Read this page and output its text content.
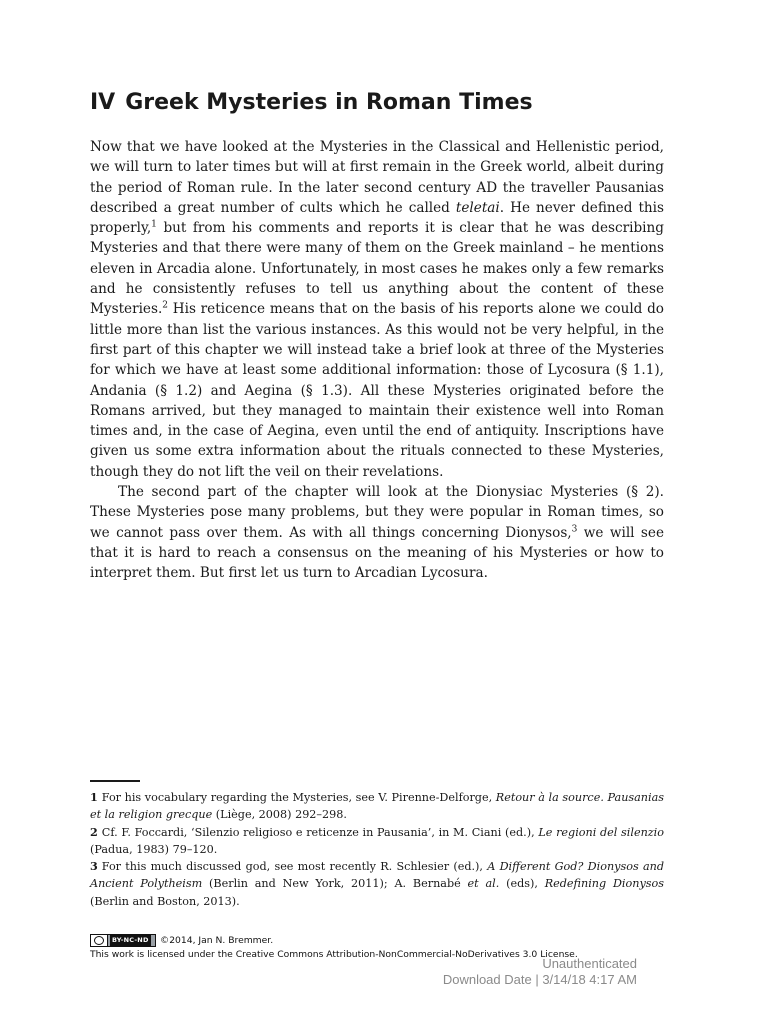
IV Greek Mysteries in Roman Times

Now that we have looked at the Mysteries in the Classical and Hellenistic period, we will turn to later times but will at first remain in the Greek world, albeit during the period of Roman rule. In the later second century AD the traveller Pausanias described a great number of cults which he called teletai. He never defined this properly,$^1$ but from his comments and reports it is clear that he was describing Mysteries and that there were many of them on the Greek mainland – he mentions eleven in Arcadia alone. Unfortunately, in most cases he makes only a few remarks and he consistently refuses to tell us anything about the content of these Mysteries.$^2$ His reticence means that on the basis of his reports alone we could do little more than list the various instances. As this would not be very helpful, in the first part of this chapter we will instead take a brief look at three of the Mysteries for which we have at least some additional information: those of Lycosura (§ 1.1), Andania (§ 1.2) and Aegina (§ 1.3). All these Mysteries originated before the Romans arrived, but they managed to maintain their existence well into Roman times and, in the case of Aegina, even until the end of antiquity. Inscriptions have given us some extra information about the rituals connected to these Mysteries, though they do not lift the veil on their revelations.

The second part of the chapter will look at the Dionysiac Mysteries (§ 2). These Mysteries pose many problems, but they were popular in Roman times, so we cannot pass over them. As with all things concerning Dionysos,$^3$ we will see that it is hard to reach a consensus on the meaning of his Mysteries or how to interpret them. But first let us turn to Arcadian Lycosura.

1 For his vocabulary regarding the Mysteries, see V. Pirenne-Delforge, Retour à la source. Pausanias et la religion grecque (Liège, 2008) 292–298.

2 Cf. F. Foccardi, ‘Silenzio religioso e reticenze in Pausania’, in M. Ciani (ed.), Le regioni del silenzio (Padua, 1983) 79–120.

3 For this much discussed god, see most recently R. Schlesier (ed.), A Different God? Dionysos and Ancient Polytheism (Berlin and New York, 2011); A. Bernabé et al. (eds), Redefining Dionysos (Berlin and Boston, 2013).

BY-NC-ND ©2014, Jan N. Bremmer.
This work is licensed under the Creative Commons Attribution-NonCommercial-NoDerivatives 3.0 License.
Unauthenticated
Download Date | 3/14/18 4:17 AM
